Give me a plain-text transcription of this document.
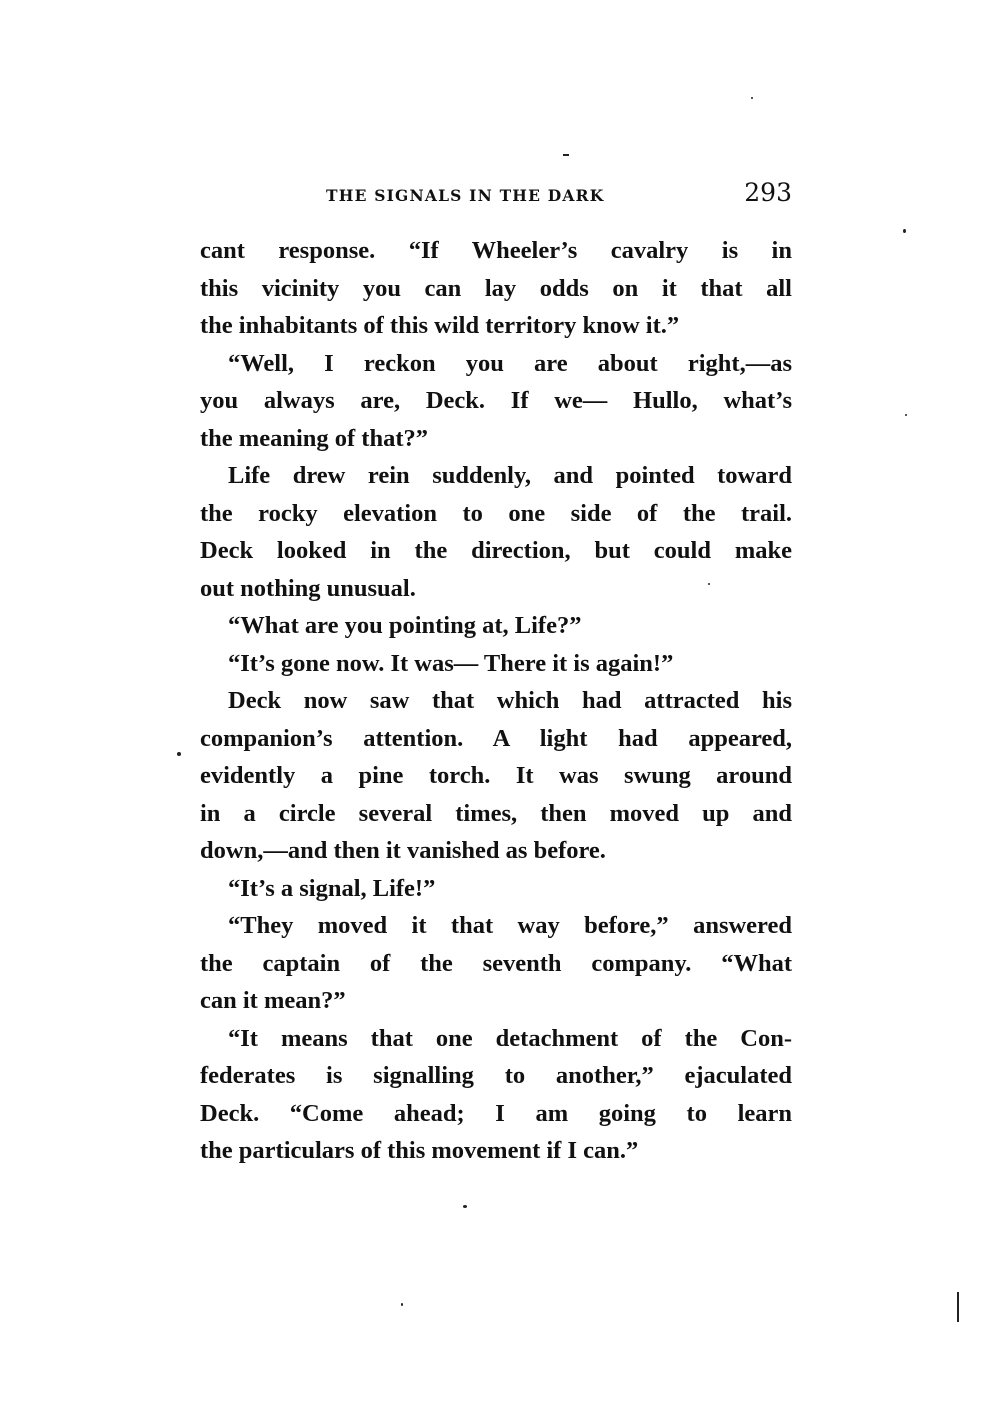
THE SIGNALS IN THE DARK	293

cant response. “If Wheeler’s cavalry is in
this vicinity you can lay odds on it that all
the inhabitants of this wild territory know it.”

“Well, I reckon you are about right,—as
you always are, Deck. If we— Hullo, what’s
the meaning of that?”

Life drew rein suddenly, and pointed toward
the rocky elevation to one side of the trail.
Deck looked in the direction, but could make
out nothing unusual.

“What are you pointing at, Life?”

“It’s gone now. It was— There it is again!”

Deck now saw that which had attracted his
companion’s attention. A light had appeared,
evidently a pine torch. It was swung around
in a circle several times, then moved up and
down,—and then it vanished as before.

“It’s a signal, Life!”

“They moved it that way before,” answered
the captain of the seventh company. “What
can it mean?”

“It means that one detachment of the Con-
federates is signalling to another,” ejaculated
Deck. “Come ahead; I am going to learn
the particulars of this movement if I can.”
